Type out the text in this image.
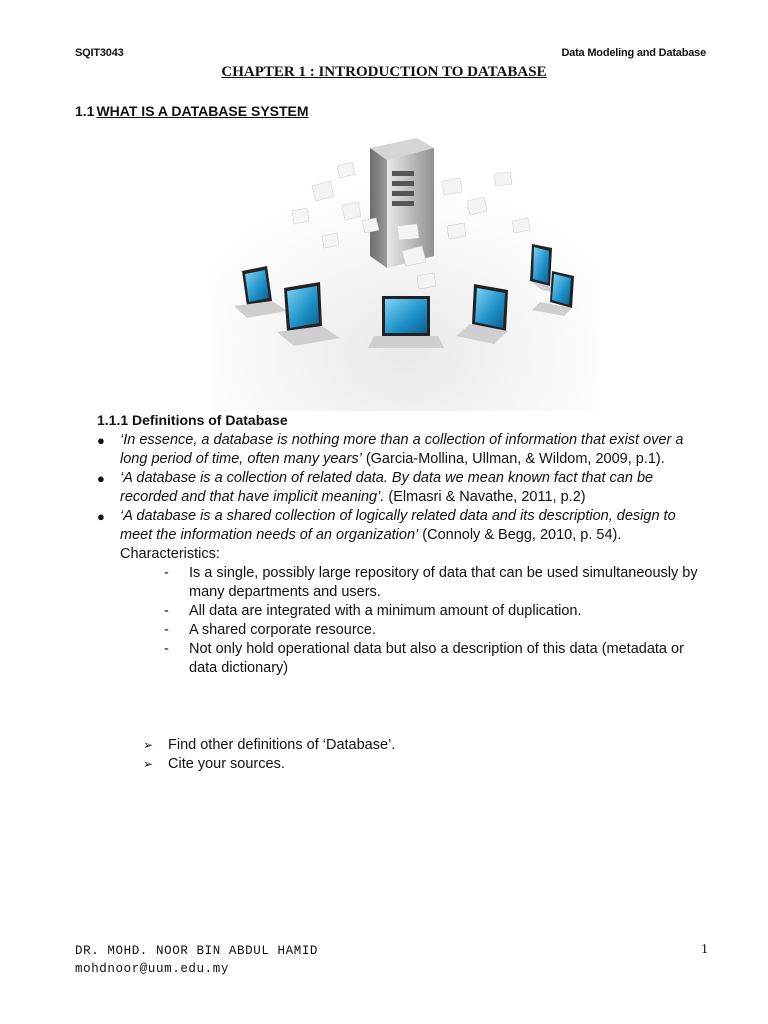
SQIT3043	Data Modeling and Database
CHAPTER 1 : INTRODUCTION TO DATABASE
1.1 WHAT IS A DATABASE SYSTEM
1.1.1 Definitions of Database
● ‘In essence, a database is nothing more than a collection of information that exist over a long period of time, often many years’ (Garcia-Mollina, Ullman, & Wildom, 2009, p.1).
● ‘A database is a collection of related data. By data we mean known fact that can be recorded and that have implicit meaning’. (Elmasri & Navathe, 2011, p.2)
● ‘A database is a shared collection of logically related data and its description, design to meet the information needs of an organization’ (Connoly & Begg, 2010, p. 54). Characteristics:
- Is a single, possibly large repository of data that can be used simultaneously by many departments and users.
- All data are integrated with a minimum amount of duplication.
- A shared corporate resource.
- Not only hold operational data but also a description of this data (metadata or data dictionary)
➢ Find other definitions of ‘Database’.
➢ Cite your sources.
DR. MOHD. NOOR BIN ABDUL HAMID
mohdnoor@uum.edu.my
1
